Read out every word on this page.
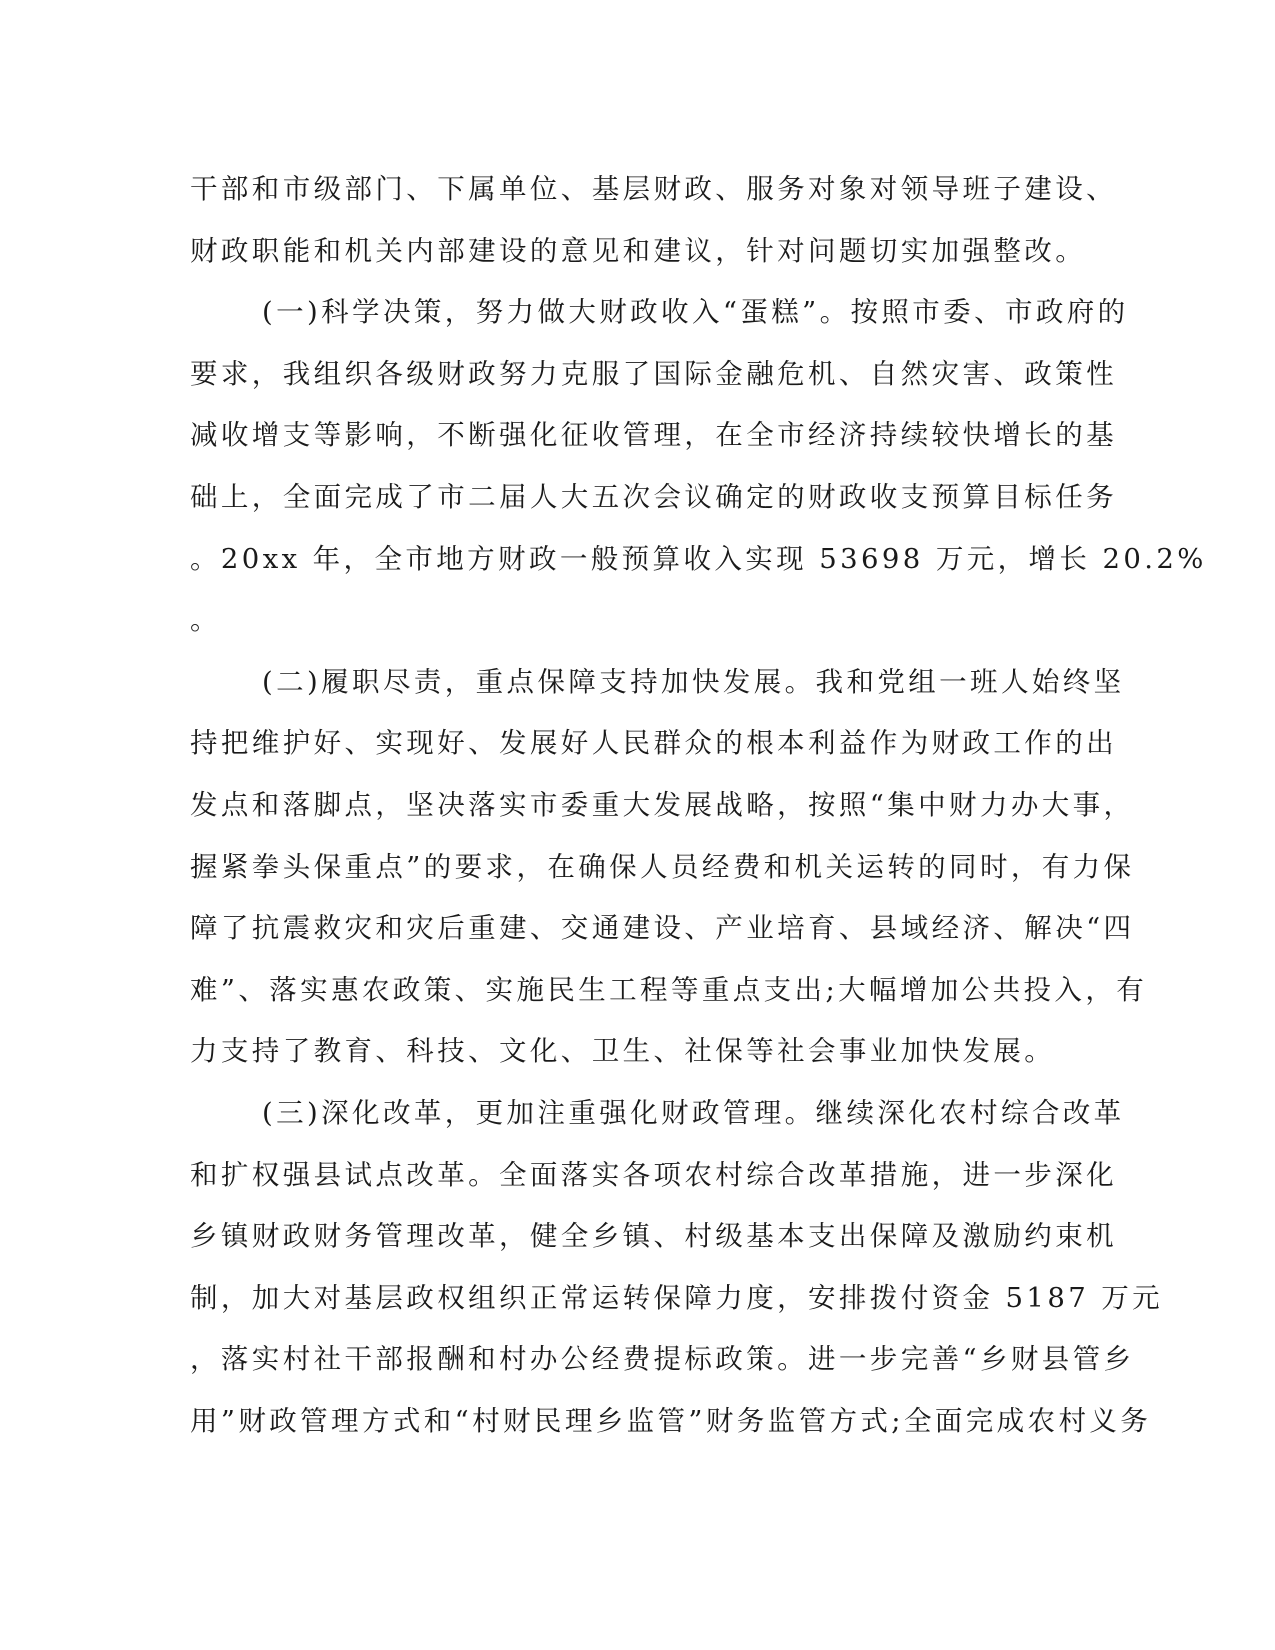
干部和市级部门、下属单位、基层财政、服务对象对领导班子建设、
财政职能和机关内部建设的意见和建议，针对问题切实加强整改。
(一)科学决策，努力做大财政收入“蛋糕”。按照市委、市政府的
要求，我组织各级财政努力克服了国际金融危机、自然灾害、政策性
减收增支等影响，不断强化征收管理，在全市经济持续较快增长的基
础上，全面完成了市二届人大五次会议确定的财政收支预算目标任务
。20xx 年，全市地方财政一般预算收入实现 53698 万元，增长 20.2%
。
(二)履职尽责，重点保障支持加快发展。我和党组一班人始终坚
持把维护好、实现好、发展好人民群众的根本利益作为财政工作的出
发点和落脚点，坚决落实市委重大发展战略，按照“集中财力办大事，
握紧拳头保重点”的要求，在确保人员经费和机关运转的同时，有力保
障了抗震救灾和灾后重建、交通建设、产业培育、县域经济、解决“四
难”、落实惠农政策、实施民生工程等重点支出;大幅增加公共投入，有
力支持了教育、科技、文化、卫生、社保等社会事业加快发展。
(三)深化改革，更加注重强化财政管理。继续深化农村综合改革
和扩权强县试点改革。全面落实各项农村综合改革措施，进一步深化
乡镇财政财务管理改革，健全乡镇、村级基本支出保障及激励约束机
制，加大对基层政权组织正常运转保障力度，安排拨付资金 5187 万元
，落实村社干部报酬和村办公经费提标政策。进一步完善“乡财县管乡
用”财政管理方式和“村财民理乡监管”财务监管方式;全面完成农村义务
